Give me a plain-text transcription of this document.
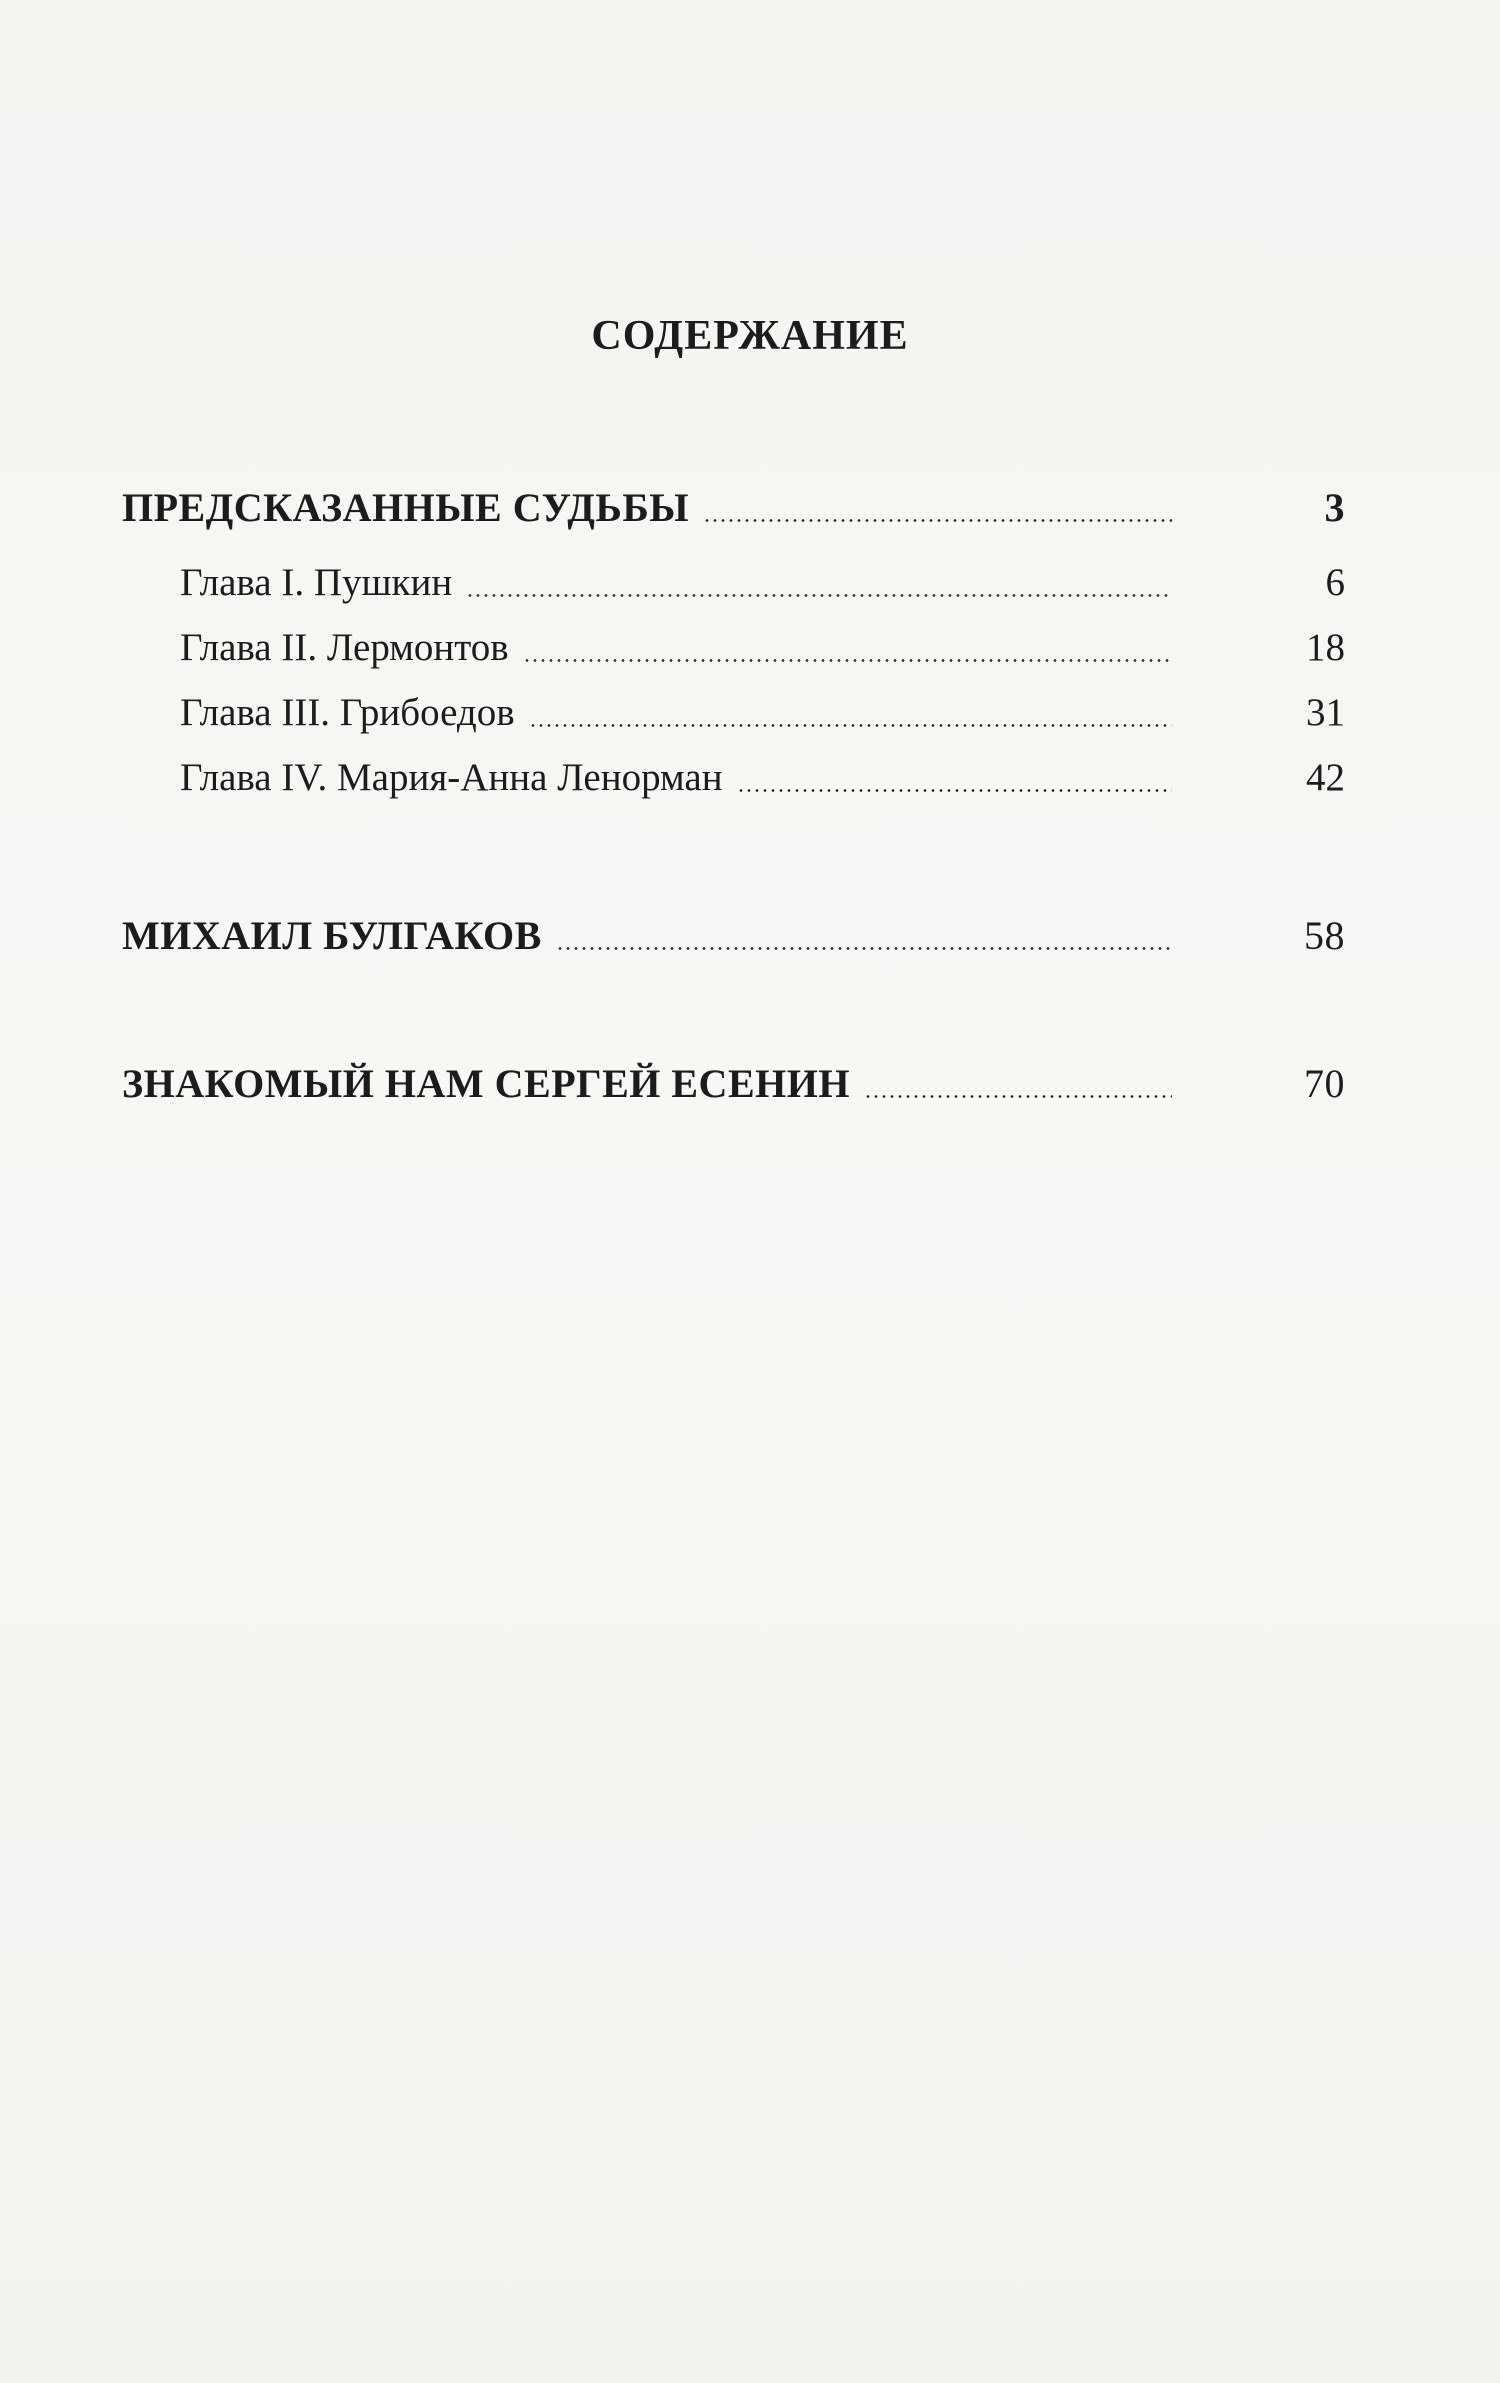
СОДЕРЖАНИЕ
ПРЕДСКАЗАННЫЕ СУДЬБЫ	3
Глава I. Пушкин	6
Глава II. Лермонтов	18
Глава III. Грибоедов	31
Глава IV. Мария-Анна Ленорман	42
МИХАИЛ БУЛГАКОВ	58
ЗНАКОМЫЙ НАМ СЕРГЕЙ ЕСЕНИН	70
